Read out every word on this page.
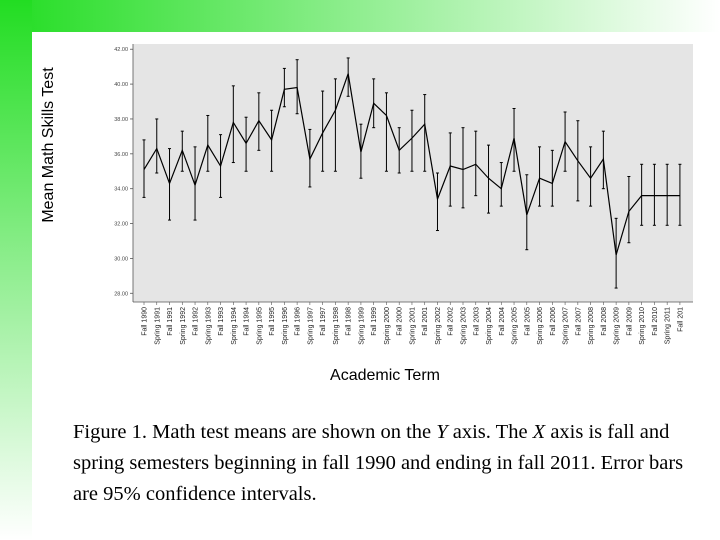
Mean Math Skills Test
28.00
30.00
32.00
34.00
36.00
38.00
40.00
42.00
Fall 1990 Spring 1991 Fall 1991 Spring 1992 Fall 1992 Spring 1993 Fall 1993 Spring 1994 Fall 1994 Spring 1995 Fall 1995 Spring 1996 Fall 1996 Spring 1997 Fall 1997 Spring 1998 Fall 1998 Spring 1999 Fall 1999 Spring 2000 Fall 2000 Spring 2001 Fall 2001 Spring 2002 Fall 2002 Spring 2003 Fall 2003 Spring 2004 Fall 2004 Spring 2005 Fall 2005 Spring 2006 Fall 2006 Spring 2007 Fall 2007 Spring 2008 Fall 2008 Spring 2009 Fall 2009 Spring 2010 Fall 2010 Spring 2011 Fall 201
Academic Term
Figure 1. Math test means are shown on the Y axis. The X axis is fall and spring semesters beginning in fall 1990 and ending in fall 2011. Error bars are 95% confidence intervals.
